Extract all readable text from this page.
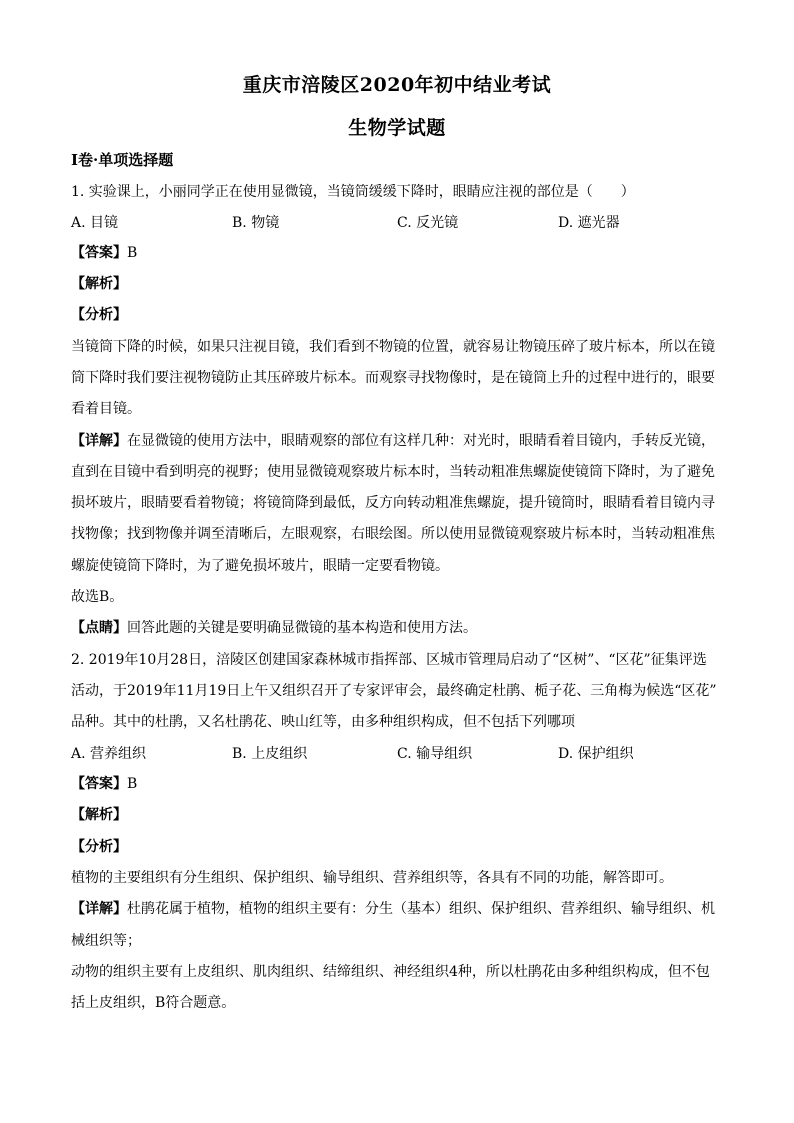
重庆市涪陵区2020年初中结业考试
生物学试题
I卷·单项选择题
1. 实验课上，小丽同学正在使用显微镜，当镜筒缓缓下降时，眼睛应注视的部位是（　　）
A. 目镜	B. 物镜	C. 反光镜	D. 遮光器
【答案】B
【解析】
【分析】
当镜筒下降的时候，如果只注视目镜，我们看到不物镜的位置，就容易让物镜压碎了玻片标本，所以在镜
筒下降时我们要注视物镜防止其压碎玻片标本。而观察寻找物像时，是在镜筒上升的过程中进行的，眼要
看着目镜。
【详解】在显微镜的使用方法中，眼睛观察的部位有这样几种：对光时，眼睛看着目镜内，手转反光镜，
直到在目镜中看到明亮的视野；使用显微镜观察玻片标本时，当转动粗准焦螺旋使镜筒下降时，为了避免
损坏玻片，眼睛要看着物镜；将镜筒降到最低，反方向转动粗准焦螺旋，提升镜筒时，眼睛看着目镜内寻
找物像；找到物像并调至清晰后，左眼观察，右眼绘图。所以使用显微镜观察玻片标本时，当转动粗准焦
螺旋使镜筒下降时，为了避免损坏玻片，眼睛一定要看物镜。
故选B。
【点睛】回答此题的关键是要明确显微镜的基本构造和使用方法。
2. 2019年10月28日，涪陵区创建国家森林城市指挥部、区城市管理局启动了“区树”、“区花”征集评选
活动，于2019年11月19日上午又组织召开了专家评审会，最终确定杜鹃、栀子花、三角梅为候选“区花”
品种。其中的杜鹃，又名杜鹃花、映山红等，由多种组织构成，但不包括下列哪项
A. 营养组织	B. 上皮组织	C. 输导组织	D. 保护组织
【答案】B
【解析】
【分析】
植物的主要组织有分生组织、保护组织、输导组织、营养组织等，各具有不同的功能，解答即可。
【详解】杜鹃花属于植物，植物的组织主要有：分生（基本）组织、保护组织、营养组织、输导组织、机
械组织等；
动物的组织主要有上皮组织、肌肉组织、结缔组织、神经组织4种，所以杜鹃花由多种组织构成，但不包
括上皮组织，B符合题意。
